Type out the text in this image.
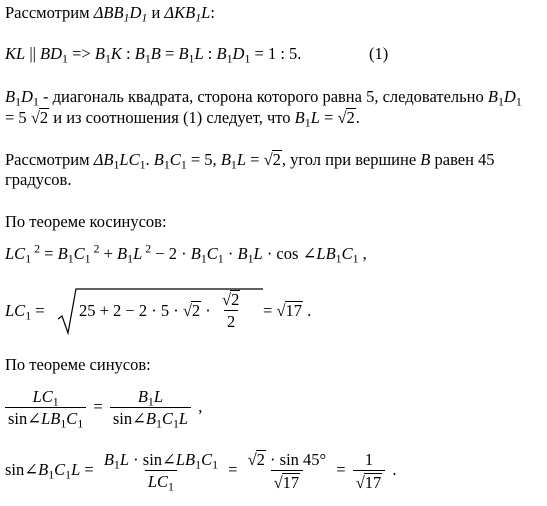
Рассмотрим $\Delta BB_1D_1$ и $\Delta KB_1L$:
KL || $BD_1 => B_1K$ : $B_1B = B_1L$ : $B_1D_1 = 1$ : 5.	(1)
$B_1D_1$ - диагональ квадрата, сторона которого равна 5, следовательно $B_1D_1$
= 5 √2 и из соотношения (1) следует, что $B_1L = √2$.
Рассмотрим $\Delta B_1LC_1$. $B_1C_1 = 5$, $B_1L = √2$, угол при вершине B равен 45
градусов.
По теореме косинусов:
$LC_1$ $^2 = B_1C_1$ $^2 + B_1L$ $^2 - 2 \cdot B_1C_1 \cdot B_1L \cdot \cos$ $\angle LB_1C_1$ ,
$LC_1 = 25 + 2 - 2 \cdot 5 \cdot √2 \cdot \frac{√2}{2} = √17$ .
По теореме синусов:
$\frac{LC_1}{\sin\angle LB_1C_1} = \frac{B_1L}{\sin\angle B_1C_1L}$ ,
$\sin\angle B_1C_1L = \frac{B_1L \cdot \sin\angle LB_1C_1}{LC_1} = \frac{√2 \cdot \sin 45^\circ}{√17} = \frac{1}{√17}$ .
